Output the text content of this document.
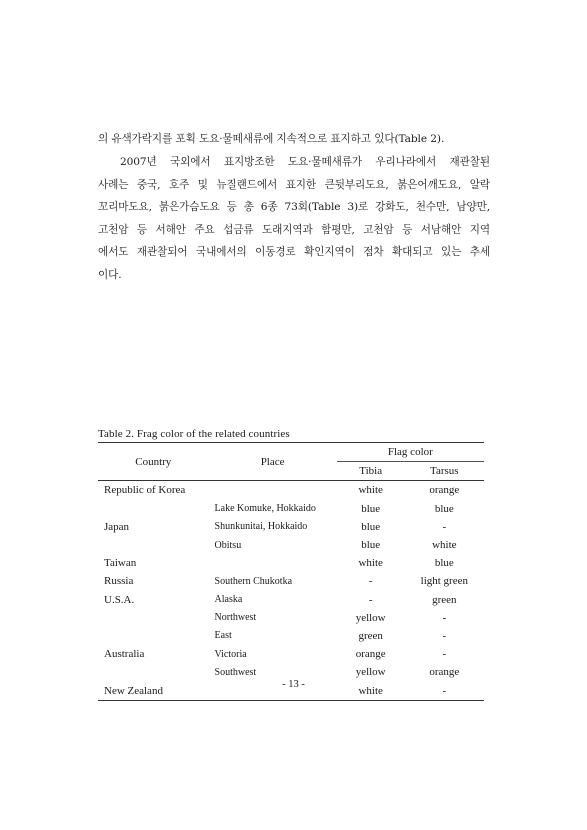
의 유색가락지를 포획 도요·물떼새류에 지속적으로 표지하고 있다(Table 2).

2007년 국외에서 표지방조한 도요·물떼새류가 우리나라에서 재관찰된

사례는 중국, 호주 및 뉴질랜드에서 표지한 큰뒷부리도요, 붉은어깨도요, 알락

꼬리마도요, 붉은가슴도요 등 총 6종 73회(Table 3)로 강화도, 천수만, 남양만,

고천암 등 서해안 주요 섭금류 도래지역과 함평만, 고천암 등 서남해안 지역

에서도 재관찰되어 국내에서의 이동경로 확인지역이 점차 확대되고 있는 추세

이다.

Table 2. Frag color of the related countries
Country	Place	Flag color	
		Tibia	Tarsus
Republic of Korea		white	orange
	Lake Komuke, Hokkaido	blue	blue
Japan	Shunkunitai, Hokkaido	blue	-
	Obitsu	blue	white
Taiwan		white	blue
Russia	Southern Chukotka	-	light green
U.S.A.	Alaska	-	green
	Northwest	yellow	-
	East	green	-
Australia	Victoria	orange	-
	Southwest	yellow	orange
New Zealand		white	-
- 13 -
